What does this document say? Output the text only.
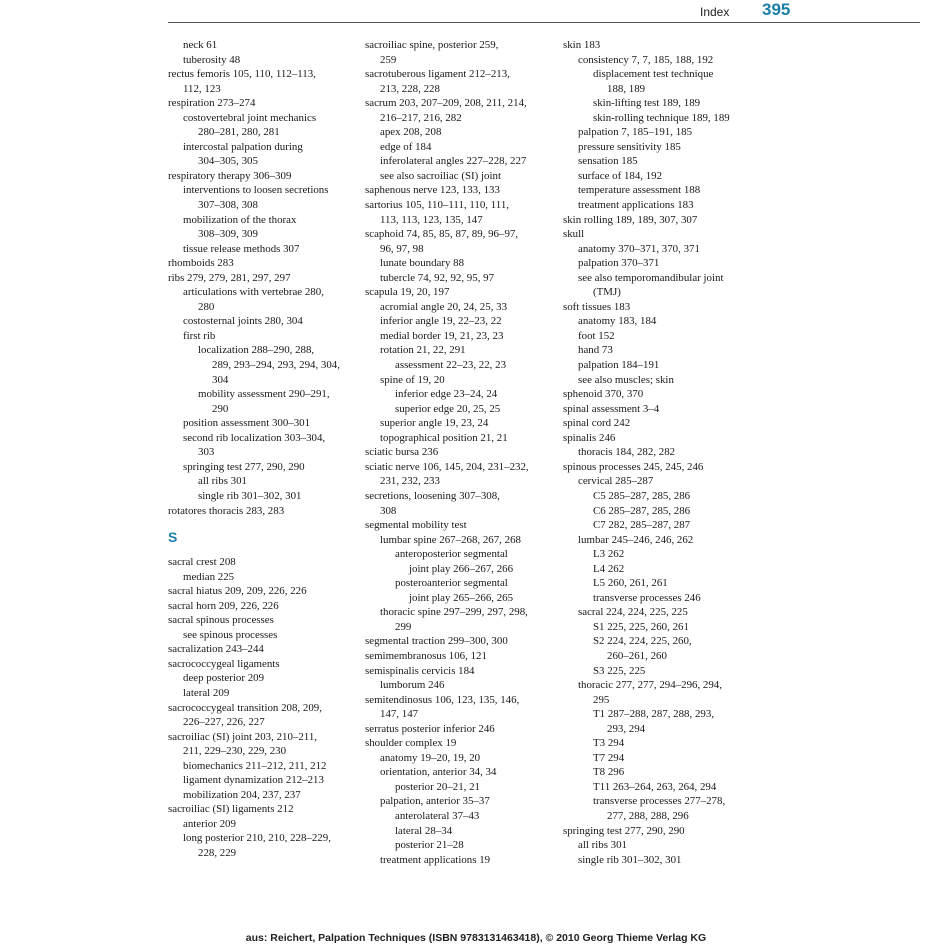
Index 395
neck 61
tuberosity 48
rectus femoris 105, 110, 112–113,
112, 123
respiration 273–274
costovertebral joint mechanics
280–281, 280, 281
intercostal palpation during
304–305, 305
respiratory therapy 306–309
interventions to loosen secretions
307–308, 308
mobilization of the thorax
308–309, 309
tissue release methods 307
rhomboids 283
ribs 279, 279, 281, 297, 297
articulations with vertebrae 280,
280
costosternal joints 280, 304
first rib
localization 288–290, 288,
289, 293–294, 293, 294, 304,
304
mobility assessment 290–291,
290
position assessment 300–301
second rib localization 303–304,
303
springing test 277, 290, 290
all ribs 301
single rib 301–302, 301
rotatores thoracis 283, 283
S
sacral crest 208
median 225
sacral hiatus 209, 209, 226, 226
sacral horn 209, 226, 226
sacral spinous processes
see spinous processes
sacralization 243–244
sacrococcygeal ligaments
deep posterior 209
lateral 209
sacrococcygeal transition 208, 209,
226–227, 226, 227
sacroiliac (SI) joint 203, 210–211,
211, 229–230, 229, 230
biomechanics 211–212, 211, 212
ligament dynamization 212–213
mobilization 204, 237, 237
sacroiliac (SI) ligaments 212
anterior 209
long posterior 210, 210, 228–229,
228, 229
sacroiliac spine, posterior 259,
259
sacrotuberous ligament 212–213,
213, 228, 228
sacrum 203, 207–209, 208, 211, 214,
216–217, 216, 282
apex 208, 208
edge of 184
inferolateral angles 227–228, 227
see also sacroiliac (SI) joint
saphenous nerve 123, 133, 133
sartorius 105, 110–111, 110, 111,
113, 113, 123, 135, 147
scaphoid 74, 85, 85, 87, 89, 96–97,
96, 97, 98
lunate boundary 88
tubercle 74, 92, 92, 95, 97
scapula 19, 20, 197
acromial angle 20, 24, 25, 33
inferior angle 19, 22–23, 22
medial border 19, 21, 23, 23
rotation 21, 22, 291
assessment 22–23, 22, 23
spine of 19, 20
inferior edge 23–24, 24
superior edge 20, 25, 25
superior angle 19, 23, 24
topographical position 21, 21
sciatic bursa 236
sciatic nerve 106, 145, 204, 231–232,
231, 232, 233
secretions, loosening 307–308,
308
segmental mobility test
lumbar spine 267–268, 267, 268
anteroposterior segmental
joint play 266–267, 266
posteroanterior segmental
joint play 265–266, 265
thoracic spine 297–299, 297, 298,
299
segmental traction 299–300, 300
semimembranosus 106, 121
semispinalis cervicis 184
lumborum 246
semitendinosus 106, 123, 135, 146,
147, 147
serratus posterior inferior 246
shoulder complex 19
anatomy 19–20, 19, 20
orientation, anterior 34, 34
posterior 20–21, 21
palpation, anterior 35–37
anterolateral 37–43
lateral 28–34
posterior 21–28
treatment applications 19
skin 183
consistency 7, 7, 185, 188, 192
displacement test technique
188, 189
skin-lifting test 189, 189
skin-rolling technique 189, 189
palpation 7, 185–191, 185
pressure sensitivity 185
sensation 185
surface of 184, 192
temperature assessment 188
treatment applications 183
skin rolling 189, 189, 307, 307
skull
anatomy 370–371, 370, 371
palpation 370–371
see also temporomandibular joint
(TMJ)
soft tissues 183
anatomy 183, 184
foot 152
hand 73
palpation 184–191
see also muscles; skin
sphenoid 370, 370
spinal assessment 3–4
spinal cord 242
spinalis 246
thoracis 184, 282, 282
spinous processes 245, 245, 246
cervical 285–287
C5 285–287, 285, 286
C6 285–287, 285, 286
C7 282, 285–287, 287
lumbar 245–246, 246, 262
L3 262
L4 262
L5 260, 261, 261
transverse processes 246
sacral 224, 224, 225, 225
S1 225, 225, 260, 261
S2 224, 224, 225, 260,
260–261, 260
S3 225, 225
thoracic 277, 277, 294–296, 294,
295
T1 287–288, 287, 288, 293,
293, 294
T3 294
T7 294
T8 296
T11 263–264, 263, 264, 294
transverse processes 277–278,
277, 288, 288, 296
springing test 277, 290, 290
all ribs 301
single rib 301–302, 301
aus: Reichert, Palpation Techniques (ISBN 9783131463418), © 2010 Georg Thieme Verlag KG
